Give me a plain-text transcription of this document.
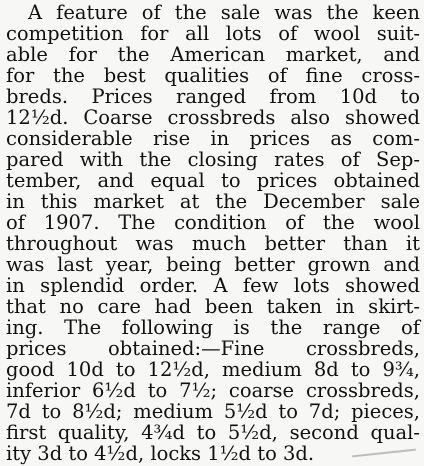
A feature of the sale was the keen
competition for all lots of wool suit-
able for the American market, and
for the best qualities of fine cross-
breds. Prices ranged from 10d to
12½d. Coarse crossbreds also showed
considerable rise in prices as com-
pared with the closing rates of Sep-
tember, and equal to prices obtained
in this market at the December sale
of 1907. The condition of the wool
throughout was much better than it
was last year, being better grown and
in splendid order. A few lots showed
that no care had been taken in skirt-
ing. The following is the range of
prices obtained:—Fine crossbreds,
good 10d to 12½d, medium 8d to 9¾,
inferior 6½d to 7½; coarse crossbreds,
7d to 8½d; medium 5½d to 7d; pieces,
first quality, 4¾d to 5½d, second qual-
ity 3d to 4½d, locks 1½d to 3d.
